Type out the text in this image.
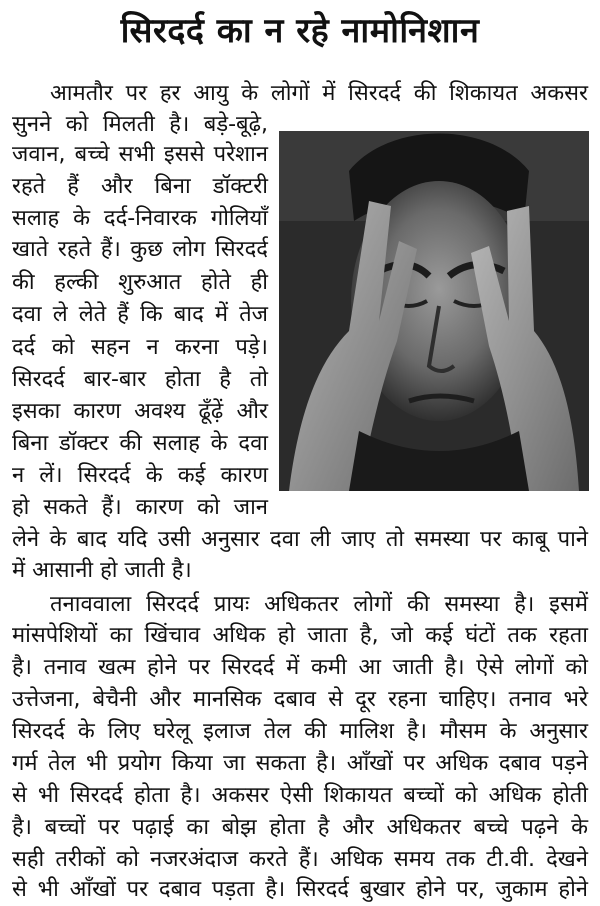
सिरदर्द का न रहे नामोनिशान
आमतौर पर हर आयु के लोगों में सिरदर्द की शिकायत अकसर
सुनने को मिलती है। बड़े-बूढ़े,
जवान, बच्चे सभी इससे परेशान
रहते हैं और बिना डॉक्टरी
सलाह के दर्द-निवारक गोलियाँ
खाते रहते हैं। कुछ लोग सिरदर्द
की हल्की शुरुआत होते ही
दवा ले लेते हैं कि बाद में तेज
दर्द को सहन न करना पड़े।
सिरदर्द बार-बार होता है तो
इसका कारण अवश्य ढूँढ़ें और
बिना डॉक्टर की सलाह के दवा
न लें। सिरदर्द के कई कारण
हो सकते हैं। कारण को जान
लेने के बाद यदि उसी अनुसार दवा ली जाए तो समस्या पर काबू पाने
में आसानी हो जाती है।
तनाववाला सिरदर्द प्रायः अधिकतर लोगों की समस्या है। इसमें
मांसपेशियों का खिंचाव अधिक हो जाता है, जो कई घंटों तक रहता
है। तनाव खत्म होने पर सिरदर्द में कमी आ जाती है। ऐसे लोगों को
उत्तेजना, बेचैनी और मानसिक दबाव से दूर रहना चाहिए। तनाव भरे
सिरदर्द के लिए घरेलू इलाज तेल की मालिश है। मौसम के अनुसार
गर्म तेल भी प्रयोग किया जा सकता है। आँखों पर अधिक दबाव पड़ने
से भी सिरदर्द होता है। अकसर ऐसी शिकायत बच्चों को अधिक होती
है। बच्चों पर पढ़ाई का बोझ होता है और अधिकतर बच्चे पढ़ने के
सही तरीकों को नजरअंदाज करते हैं। अधिक समय तक टी.वी. देखने
से भी आँखों पर दबाव पड़ता है। सिरदर्द बुखार होने पर, जुकाम होने
